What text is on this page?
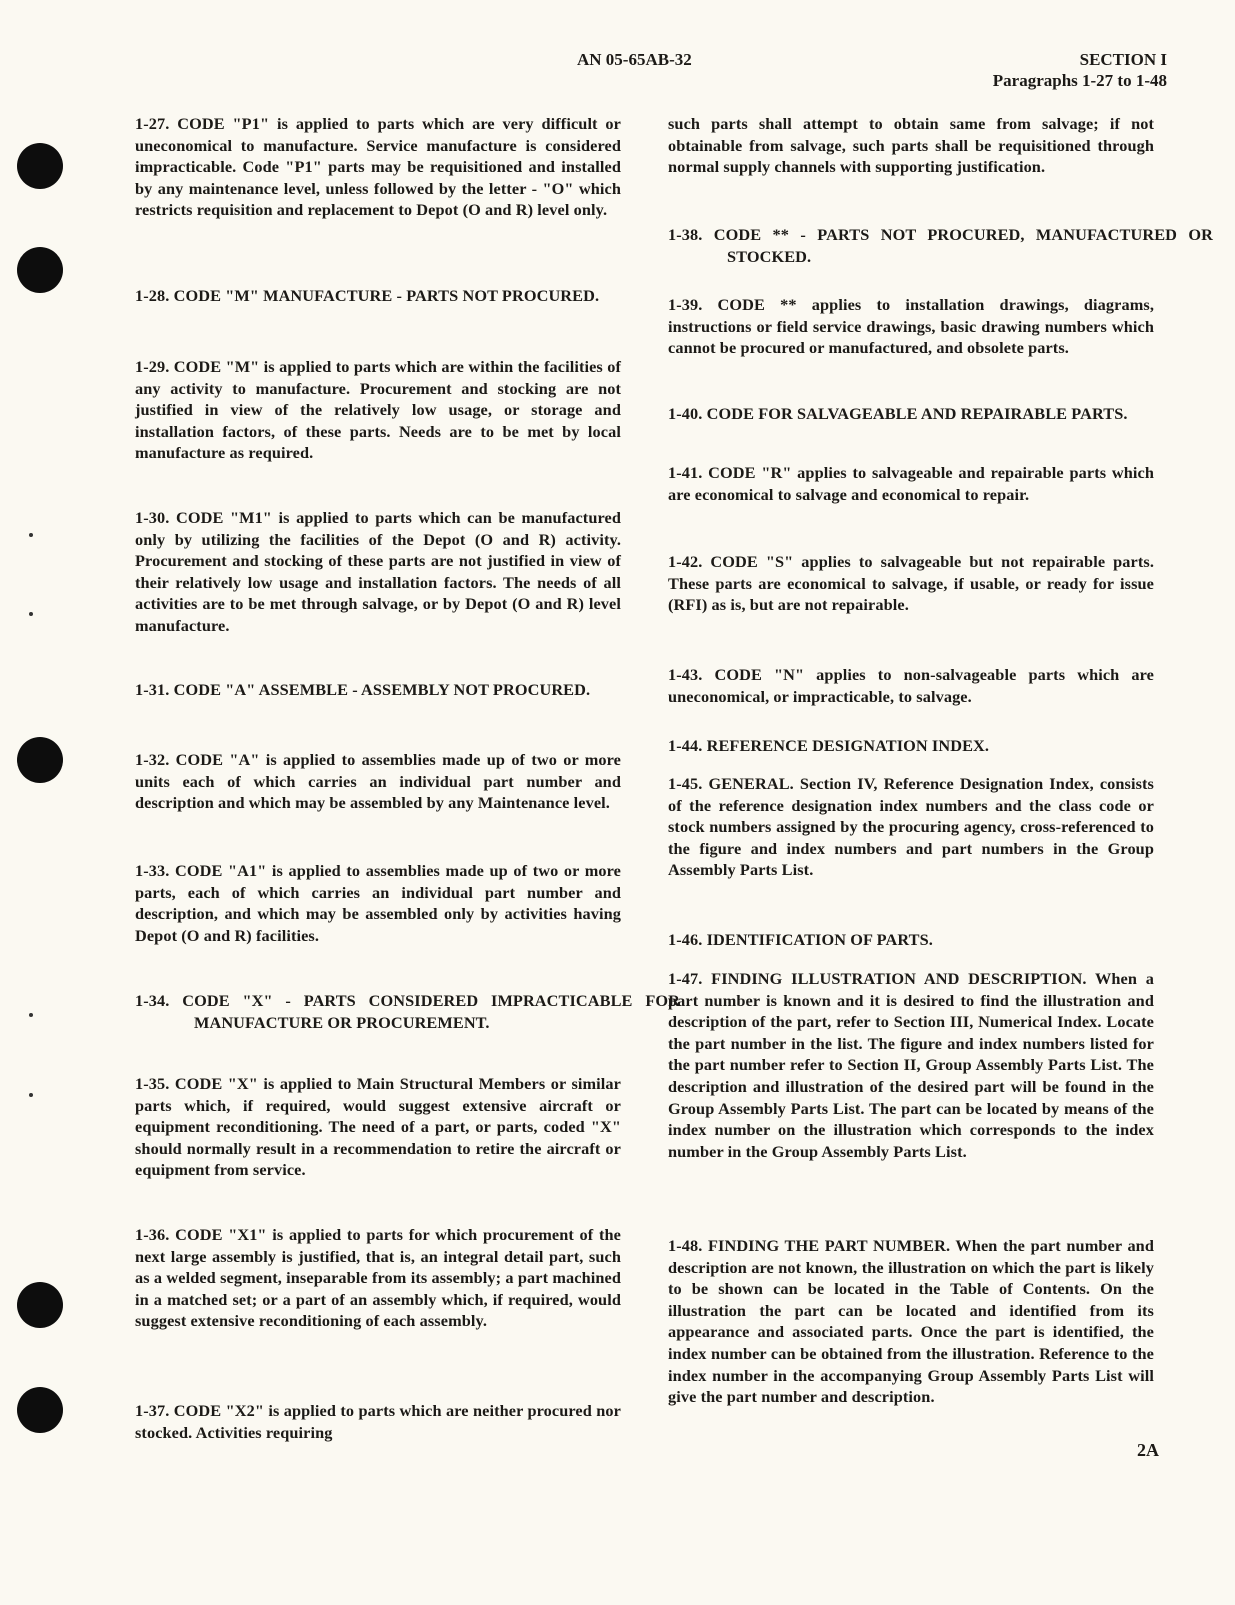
AN 05-65AB-32	SECTION I
Paragraphs 1-27 to 1-48

1-27. CODE "P1" is applied to parts which are very difficult or uneconomical to manufacture. Service manufacture is considered impracticable. Code "P1" parts may be requisitioned and installed by any maintenance level, unless followed by the letter - "O" which restricts requisition and replacement to Depot (O and R) level only.

1-28. CODE "M" MANUFACTURE - PARTS NOT PROCURED.

1-29. CODE "M" is applied to parts which are within the facilities of any activity to manufacture. Procurement and stocking are not justified in view of the relatively low usage, or storage and installation factors, of these parts. Needs are to be met by local manufacture as required.

1-30. CODE "M1" is applied to parts which can be manufactured only by utilizing the facilities of the Depot (O and R) activity. Procurement and stocking of these parts are not justified in view of their relatively low usage and installation factors. The needs of all activities are to be met through salvage, or by Depot (O and R) level manufacture.

1-31. CODE "A" ASSEMBLE - ASSEMBLY NOT PROCURED.

1-32. CODE "A" is applied to assemblies made up of two or more units each of which carries an individual part number and description and which may be assembled by any Maintenance level.

1-33. CODE "A1" is applied to assemblies made up of two or more parts, each of which carries an individual part number and description, and which may be assembled only by activities having Depot (O and R) facilities.

1-34. CODE "X" - PARTS CONSIDERED IMPRACTICABLE FOR MANUFACTURE OR PROCUREMENT.

1-35. CODE "X" is applied to Main Structural Members or similar parts which, if required, would suggest extensive aircraft or equipment reconditioning. The need of a part, or parts, coded "X" should normally result in a recommendation to retire the aircraft or equipment from service.

1-36. CODE "X1" is applied to parts for which procurement of the next large assembly is justified, that is, an integral detail part, such as a welded segment, inseparable from its assembly; a part machined in a matched set; or a part of an assembly which, if required, would suggest extensive reconditioning of each assembly.

1-37. CODE "X2" is applied to parts which are neither procured nor stocked. Activities requiring

such parts shall attempt to obtain same from salvage; if not obtainable from salvage, such parts shall be requisitioned through normal supply channels with supporting justification.

1-38. CODE ** - PARTS NOT PROCURED, MANUFACTURED OR STOCKED.

1-39. CODE ** applies to installation drawings, diagrams, instructions or field service drawings, basic drawing numbers which cannot be procured or manufactured, and obsolete parts.

1-40. CODE FOR SALVAGEABLE AND REPAIRABLE PARTS.

1-41. CODE "R" applies to salvageable and repairable parts which are economical to salvage and economical to repair.

1-42. CODE "S" applies to salvageable but not repairable parts. These parts are economical to salvage, if usable, or ready for issue (RFI) as is, but are not repairable.

1-43. CODE "N" applies to non-salvageable parts which are uneconomical, or impracticable, to salvage.

1-44. REFERENCE DESIGNATION INDEX.

1-45. GENERAL. Section IV, Reference Designation Index, consists of the reference designation index numbers and the class code or stock numbers assigned by the procuring agency, cross-referenced to the figure and index numbers and part numbers in the Group Assembly Parts List.

1-46. IDENTIFICATION OF PARTS.

1-47. FINDING ILLUSTRATION AND DESCRIPTION. When a part number is known and it is desired to find the illustration and description of the part, refer to Section III, Numerical Index. Locate the part number in the list. The figure and index numbers listed for the part number refer to Section II, Group Assembly Parts List. The description and illustration of the desired part will be found in the Group Assembly Parts List. The part can be located by means of the index number on the illustration which corresponds to the index number in the Group Assembly Parts List.

1-48. FINDING THE PART NUMBER. When the part number and description are not known, the illustration on which the part is likely to be shown can be located in the Table of Contents. On the illustration the part can be located and identified from its appearance and associated parts. Once the part is identified, the index number can be obtained from the illustration. Reference to the index number in the accompanying Group Assembly Parts List will give the part number and description.

2A
